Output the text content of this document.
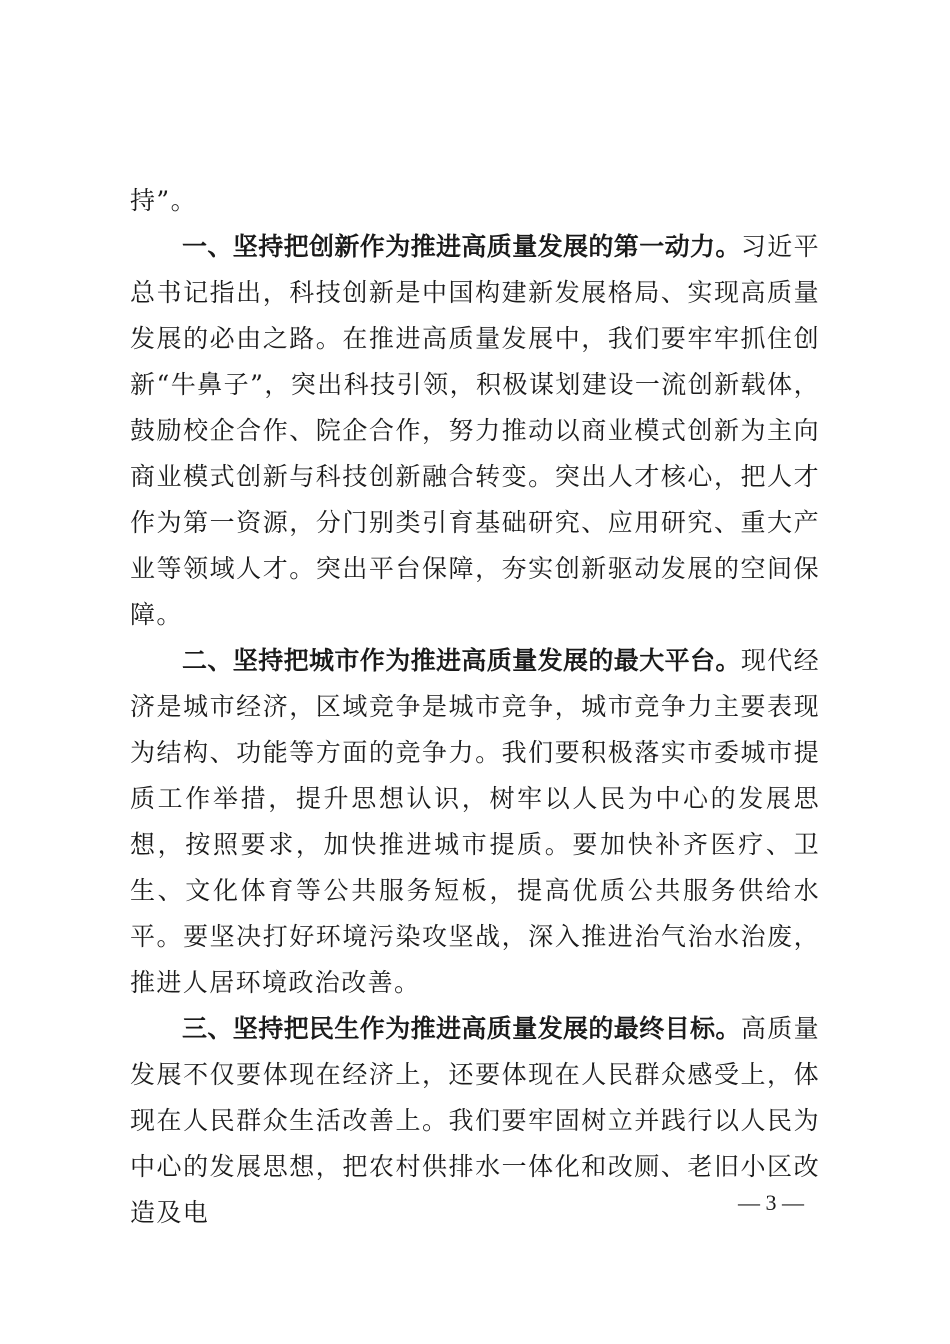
持”。

一、坚持把创新作为推进高质量发展的第一动力。习近平总书记指出，科技创新是中国构建新发展格局、实现高质量发展的必由之路。在推进高质量发展中，我们要牢牢抓住创新“牛鼻子”，突出科技引领，积极谋划建设一流创新载体，鼓励校企合作、院企合作，努力推动以商业模式创新为主向商业模式创新与科技创新融合转变。突出人才核心，把人才作为第一资源，分门别类引育基础研究、应用研究、重大产业等领域人才。突出平台保障，夯实创新驱动发展的空间保障。

二、坚持把城市作为推进高质量发展的最大平台。现代经济是城市经济，区域竞争是城市竞争，城市竞争力主要表现为结构、功能等方面的竞争力。我们要积极落实市委城市提质工作举措，提升思想认识，树牢以人民为中心的发展思想，按照要求，加快推进城市提质。要加快补齐医疗、卫生、文化体育等公共服务短板，提高优质公共服务供给水平。要坚决打好环境污染攻坚战，深入推进治气治水治废，推进人居环境政治改善。

三、坚持把民生作为推进高质量发展的最终目标。高质量发展不仅要体现在经济上，还要体现在人民群众感受上，体现在人民群众生活改善上。我们要牢固树立并践行以人民为中心的发展思想，把农村供排水一体化和改厕、老旧小区改造及电	— 3 —
